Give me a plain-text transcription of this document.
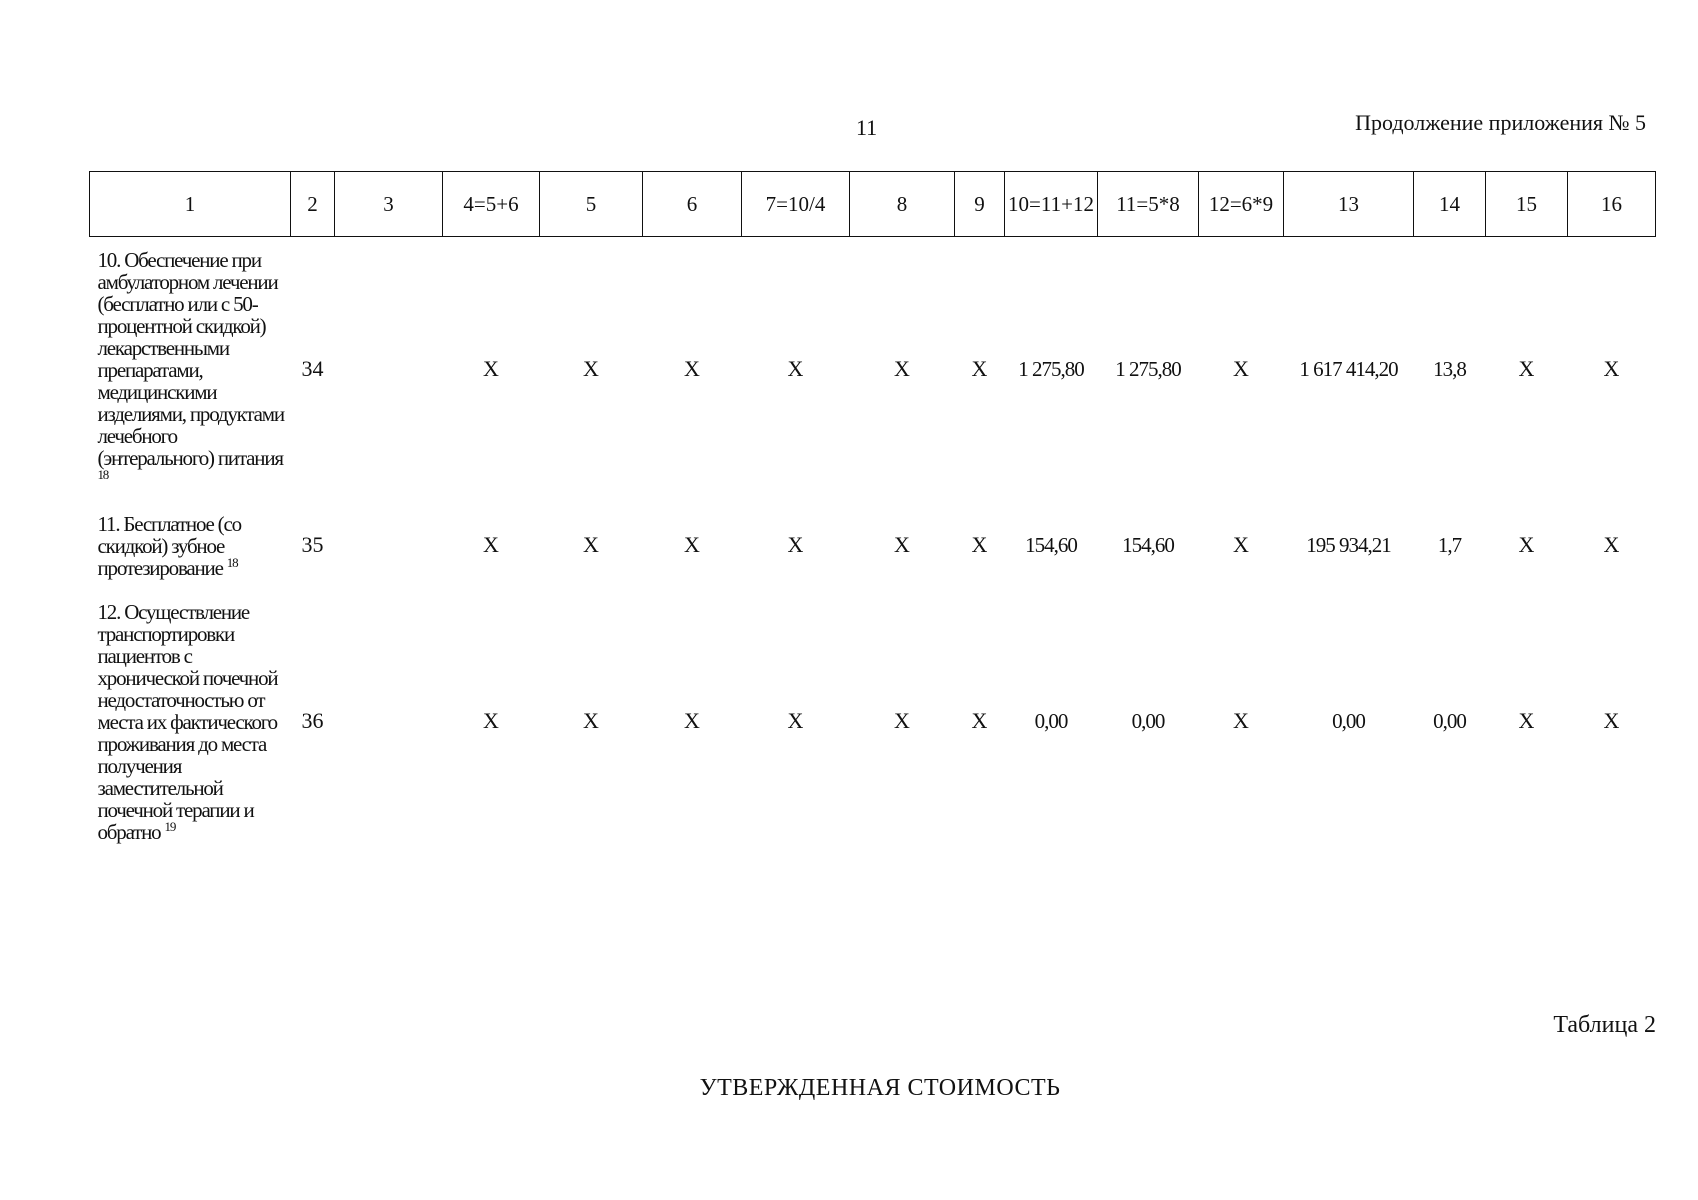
11	Продолжение приложения № 5
1	2	3	4=5+6	5	6	7=10/4	8	9	10=11+12	11=5*8	12=6*9	13	14	15	16
10. Обеспечение при амбулаторном лечении (бесплатно или с 50-процентной скидкой) лекарственными препаратами, медицинскими изделиями, продуктами лечебного (энтерального) питания $^{18}$	34		Х	Х	Х	Х	Х	Х	1 275,80	1 275,80	Х	1 617 414,20	13,8	Х	Х
11. Бесплатное (со скидкой) зубное протезирование $^{18}$	35		Х	Х	Х	Х	Х	Х	154,60	154,60	Х	195 934,21	1,7	Х	Х
12. Осуществление транспортировки пациентов с хронической почечной недостаточностью от места их фактического проживания до места получения заместительной почечной терапии и обратно $^{19}$	36		Х	Х	Х	Х	Х	Х	0,00	0,00	Х	0,00	0,00	Х	Х
Таблица 2
УТВЕРЖДЕННАЯ СТОИМОСТЬ
